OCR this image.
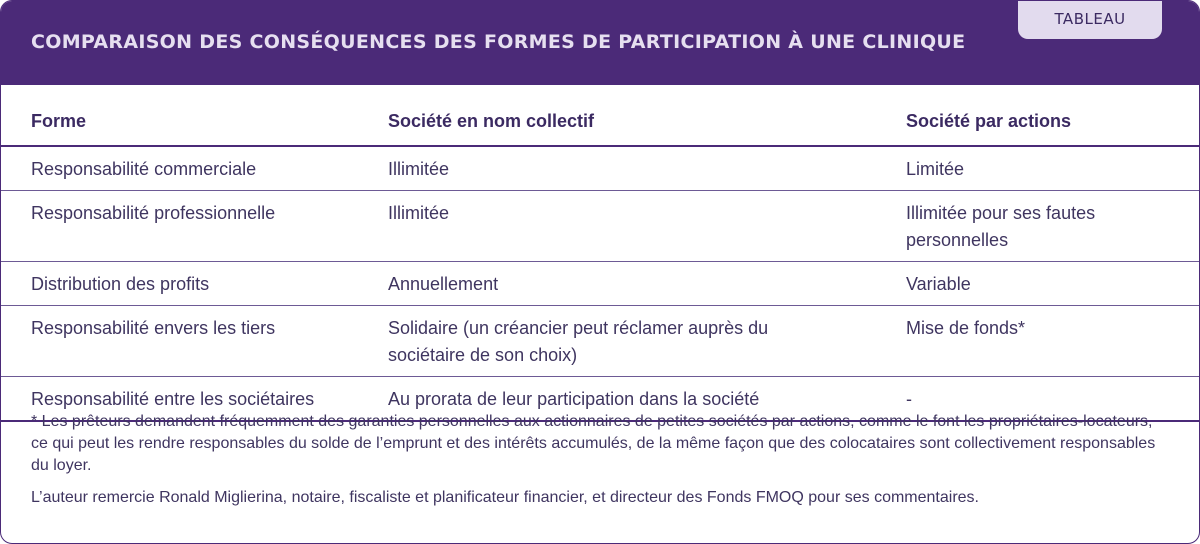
COMPARAISON DES CONSÉQUENCES DES FORMES DE PARTICIPATION À UNE CLINIQUE
TABLEAU
Forme	Société en nom collectif	Société par actions
Responsabilité commerciale	Illimitée	Limitée
Responsabilité professionnelle	Illimitée	Illimitée pour ses fautes personnelles
Distribution des profits	Annuellement	Variable
Responsabilité envers les tiers	Solidaire (un créancier peut réclamer auprès du sociétaire de son choix)	Mise de fonds*
Responsabilité entre les sociétaires	Au prorata de leur participation dans la société	-

* Les prêteurs demandent fréquemment des garanties personnelles aux actionnaires de petites sociétés par actions, comme le font les propriétaires-locateurs, ce qui peut les rendre responsables du solde de l’emprunt et des intérêts accumulés, de la même façon que des colocataires sont collectivement responsables du loyer.

L’auteur remercie Ronald Miglierina, notaire, fiscaliste et planificateur financier, et directeur des Fonds FMOQ pour ses commentaires.
